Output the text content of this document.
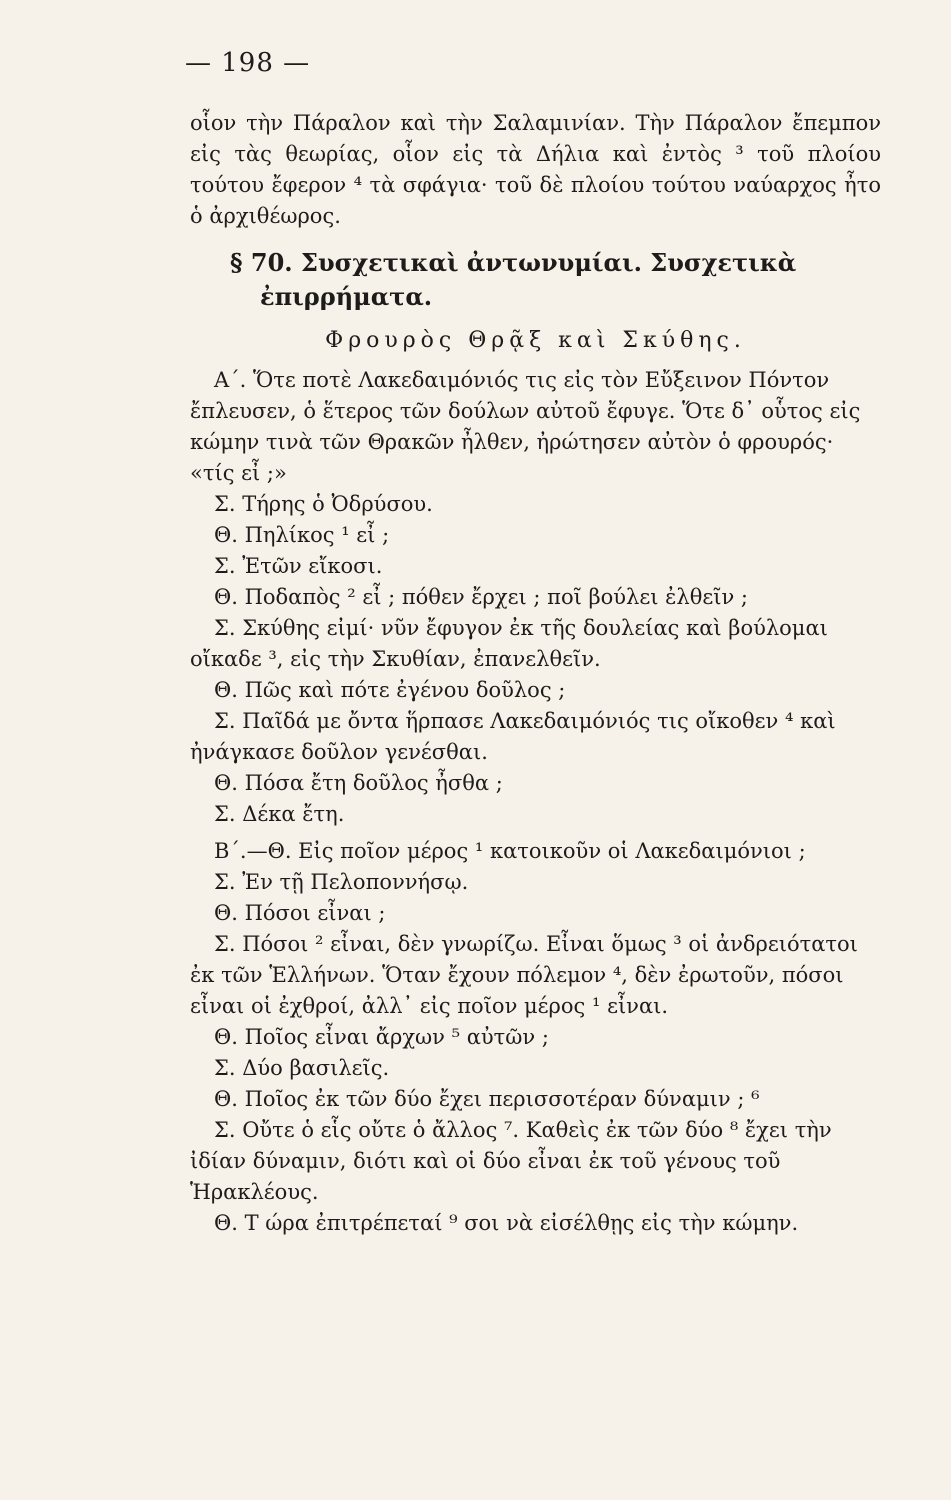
— 198 —

οἷον τὴν Πάραλον καὶ τὴν Σαλαμινίαν. Τὴν Πάραλον ἔπεμπον εἰς τὰς θεωρίας, οἷον εἰς τὰ Δήλια καὶ ἐντὸς ³ τοῦ πλοίου τούτου ἔφερον ⁴ τὰ σφάγια· τοῦ δὲ πλοίου τούτου ναύαρχος ἦτο ὁ ἀρχιθέωρος.

§ 70. Συσχετικαὶ ἀντωνυμίαι. Συσχετικὰ
ἐπιρρήματα.
Φρουρὸς Θρᾷξ καὶ Σκύθης.

Α΄. Ὅτε ποτὲ Λακεδαιμόνιός τις εἰς τὸν Εὔξεινον Πόντον ἔπλευσεν, ὁ ἕτερος τῶν δούλων αὐτοῦ ἔφυγε. Ὅτε δ᾽ οὗτος εἰς κώμην τινὰ τῶν Θρακῶν ἦλθεν, ἠρώτησεν αὐτὸν ὁ φρουρός· «τίς εἶ ;»

Σ. Τήρης ὁ Ὀδρύσου.

Θ. Πηλίκος ¹ εἶ ;

Σ. Ἐτῶν εἴκοσι.

Θ. Ποδαπὸς ² εἶ ; πόθεν ἔρχει ; ποῖ βούλει ἐλθεῖν ;

Σ. Σκύθης εἰμί· νῦν ἔφυγον ἐκ τῆς δουλείας καὶ βούλομαι οἴκαδε ³, εἰς τὴν Σκυθίαν, ἐπανελθεῖν.

Θ. Πῶς καὶ πότε ἐγένου δοῦλος ;

Σ. Παῖδά με ὄντα ἥρπασε Λακεδαιμόνιός τις οἴκοθεν ⁴ καὶ ἠνάγκασε δοῦλον γενέσθαι.

Θ. Πόσα ἔτη δοῦλος ἦσθα ;

Σ. Δέκα ἔτη.

Β΄.—Θ. Εἰς ποῖον μέρος ¹ κατοικοῦν οἱ Λακεδαιμόνιοι ;

Σ. Ἐν τῇ Πελοποννήσῳ.

Θ. Πόσοι εἶναι ;

Σ. Πόσοι ² εἶναι, δὲν γνωρίζω. Εἶναι ὅμως ³ οἱ ἀνδρειότατοι ἐκ τῶν Ἑλλήνων. Ὅταν ἔχουν πόλεμον ⁴, δὲν ἐρωτοῦν, πόσοι εἶναι οἱ ἐχθροί, ἀλλ᾽ εἰς ποῖον μέρος ¹ εἶναι.

Θ. Ποῖος εἶναι ἄρχων ⁵ αὐτῶν ;

Σ. Δύο βασιλεῖς.

Θ. Ποῖος ἐκ τῶν δύο ἔχει περισσοτέραν δύναμιν ; ⁶

Σ. Οὔτε ὁ εἷς οὔτε ὁ ἄλλος ⁷. Καθεὶς ἐκ τῶν δύο ⁸ ἔχει τὴν ἰδίαν δύναμιν, διότι καὶ οἱ δύο εἶναι ἐκ τοῦ γένους τοῦ Ἡρακλέους.

Θ. Τ ώρα ἐπιτρέπεταί ⁹ σοι νὰ εἰσέλθῃς εἰς τὴν κώμην.
